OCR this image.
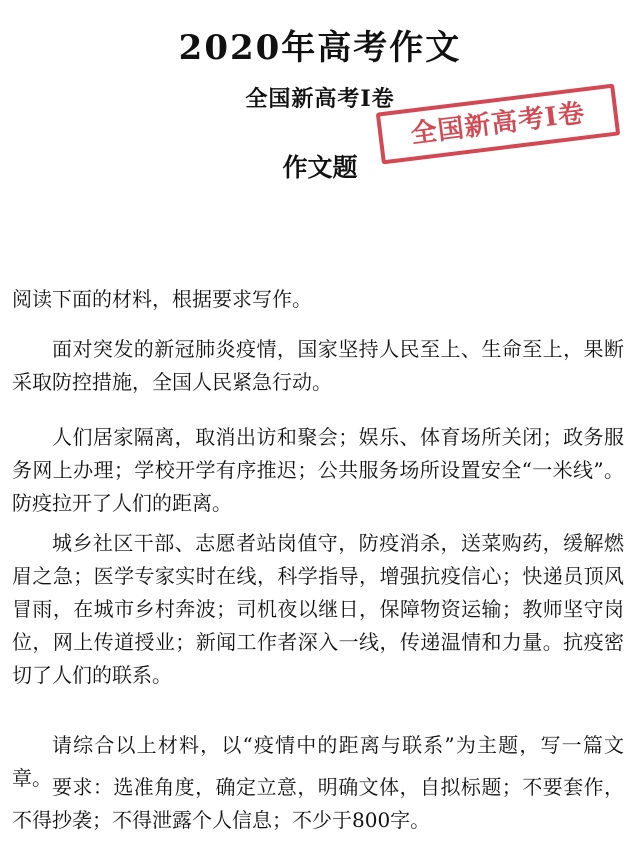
2020年高考作文
全国新高考Ⅰ卷
作文题
全国新高考Ⅰ卷
阅读下面的材料，根据要求写作。
面对突发的新冠肺炎疫情，国家坚持人民至上、生命至上，果断采取防控措施，全国人民紧急行动。
人们居家隔离，取消出访和聚会；娱乐、体育场所关闭；政务服务网上办理；学校开学有序推迟；公共服务场所设置安全“一米线”。防疫拉开了人们的距离。
城乡社区干部、志愿者站岗值守，防疫消杀，送菜购药，缓解燃眉之急；医学专家实时在线，科学指导，增强抗疫信心；快递员顶风冒雨，在城市乡村奔波；司机夜以继日，保障物资运输；教师坚守岗位，网上传道授业；新闻工作者深入一线，传递温情和力量。抗疫密切了人们的联系。
请综合以上材料，以“疫情中的距离与联系”为主题，写一篇文章。 要求：选准角度，确定立意，明确文体，自拟标题；不要套作，不得抄袭；不得泄露个人信息；不少于800字。
